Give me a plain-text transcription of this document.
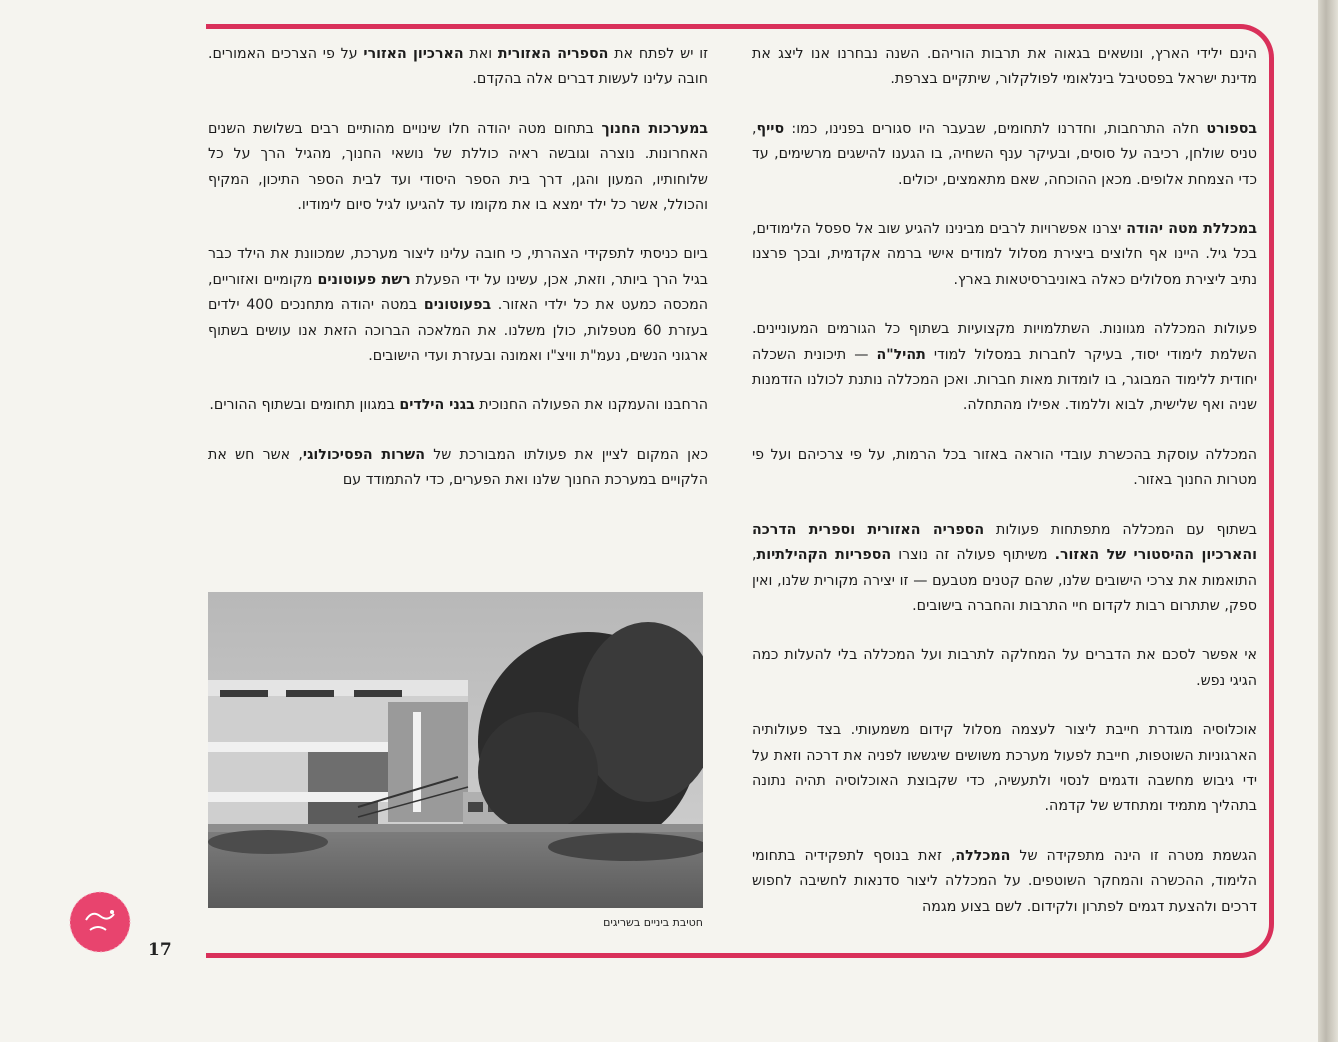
הינם ילידי הארץ, ונושאים בגאוה את תרבות הוריהם. השנה נבחרנו אנו ליצג את מדינת ישראל בפסטיבל בינלאומי לפולקלור, שיתקיים בצרפת.

בספורט חלה התרחבות, וחדרנו לתחומים, שבעבר היו סגורים בפנינו, כמו: סייף, טניס שולחן, רכיבה על סוסים, ובעיקר ענף השחיה, בו הגענו להישגים מרשימים, עד כדי הצמחת אלופים. מכאן ההוכחה, שאם מתאמצים, יכולים.

במכללת מטה יהודה יצרנו אפשרויות לרבים מבינינו להגיע שוב אל ספסל הלימודים, בכל גיל. היינו אף חלוצים ביצירת מסלול למודים אישי ברמה אקדמית, ובכך פרצנו נתיב ליצירת מסלולים כאלה באוניברסיטאות בארץ.

פעולות המכללה מגוונות. השתלמויות מקצועיות בשתוף כל הגורמים המעוניינים. השלמת לימודי יסוד, בעיקר לחברות במסלול למודי תהיל"ה — תיכונית השכלה יחודית ללימוד המבוגר, בו לומדות מאות חברות. ואכן המכללה נותנת לכולנו הזדמנות שניה ואף שלישית, לבוא וללמוד. אפילו מהתחלה.

המכללה עוסקת בהכשרת עובדי הוראה באזור בכל הרמות, על פי צרכיהם ועל פי מטרות החנוך באזור.

בשתוף עם המכללה מתפתחות פעולות הספריה האזורית וספרית הדרכה והארכיון ההיסטורי של האזור. משיתוף פעולה זה נוצרו הספריות הקהילתיות, התואמות את צרכי הישובים שלנו, שהם קטנים מטבעם — זו יצירה מקורית שלנו, ואין ספק, שתתרום רבות לקדום חיי התרבות והחברה בישובים.

אי אפשר לסכם את הדברים על המחלקה לתרבות ועל המכללה בלי להעלות כמה הגיגי נפש.

אוכלוסיה מוגדרת חייבת ליצור לעצמה מסלול קידום משמעותי. בצד פעולותיה הארגוניות השוטפות, חייבת לפעול מערכת משושים שיגששו לפניה את דרכה וזאת על ידי גיבוש מחשבה ודגמים לנסוי ולתעשיה, כדי שקבוצת האוכלוסיה תהיה נתונה בתהליך מתמיד ומתחדש של קדמה.

הגשמת מטרה זו הינה מתפקידה של המכללה, זאת בנוסף לתפקידיה בתחומי הלימוד, ההכשרה והמחקר השוטפים. על המכללה ליצור סדנאות לחשיבה לחפוש דרכים ולהצעת דגמים לפתרון ולקידום. לשם בצוע מגמה

זו יש לפתח את הספריה האזורית ואת הארכיון האזורי על פי הצרכים האמורים. חובה עלינו לעשות דברים אלה בהקדם.

במערכות החנוך בתחום מטה יהודה חלו שינויים מהותיים רבים בשלושת השנים האחרונות. נוצרה וגובשה ראיה כוללת של נושאי החנוך, מהגיל הרך על כל שלוחותיו, המעון והגן, דרך בית הספר היסודי ועד לבית הספר התיכון, המקיף והכולל, אשר כל ילד ימצא בו את מקומו עד להגיעו לגיל סיום לימודיו.

ביום כניסתי לתפקידי הצהרתי, כי חובה עלינו ליצור מערכת, שמכוונת את הילד כבר בגיל הרך ביותר, וזאת, אכן, עשינו על ידי הפעלת רשת פעוטונים מקומיים ואזוריים, המכסה כמעט את כל ילדי האזור. בפעוטונים במטה יהודה מתחנכים 400 ילדים בעזרת 60 מטפלות, כולן משלנו. את המלאכה הברוכה הזאת אנו עושים בשתוף ארגוני הנשים, נעמ"ת וויצ"ו ואמונה ובעזרת ועדי הישובים.

הרחבנו והעמקנו את הפעולה החנוכית בגני הילדים במגוון תחומים ובשתוף ההורים.

כאן המקום לציין את פעולתו המבורכת של השרות הפסיכולוגי, אשר חש את הלקויים במערכת החנוך שלנו ואת הפערים, כדי להתמודד עם

חטיבת ביניים בשריגים
17
